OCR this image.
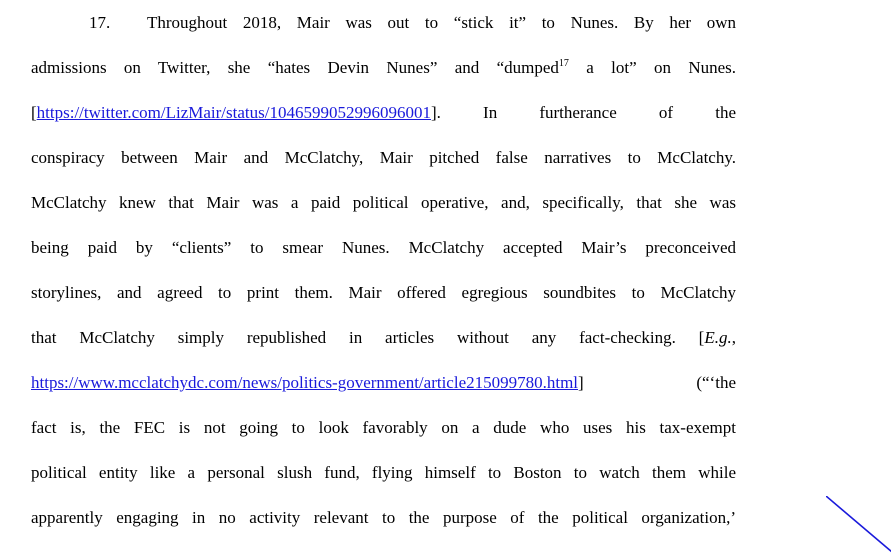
17. Throughout 2018, Mair was out to “stick it” to Nunes. By her own
admissions on Twitter, she “hates Devin Nunes” and “dumped$^{17}$ a lot” on Nunes.
[https://twitter.com/LizMair/status/1046599052996096001]. In furtherance of the
conspiracy between Mair and McClatchy, Mair pitched false narratives to McClatchy.
McClatchy knew that Mair was a paid political operative, and, specifically, that she was
being paid by “clients” to smear Nunes. McClatchy accepted Mair’s preconceived
storylines, and agreed to print them. Mair offered egregious soundbites to McClatchy
that McClatchy simply republished in articles without any fact-checking. [E.g.,
https://www.mcclatchydc.com/news/politics-government/article215099780.html] (“‘the
fact is, the FEC is not going to look favorably on a dude who uses his tax-exempt
political entity like a personal slush fund, flying himself to Boston to watch them while
apparently engaging in no activity relevant to the purpose of the political organization,’
